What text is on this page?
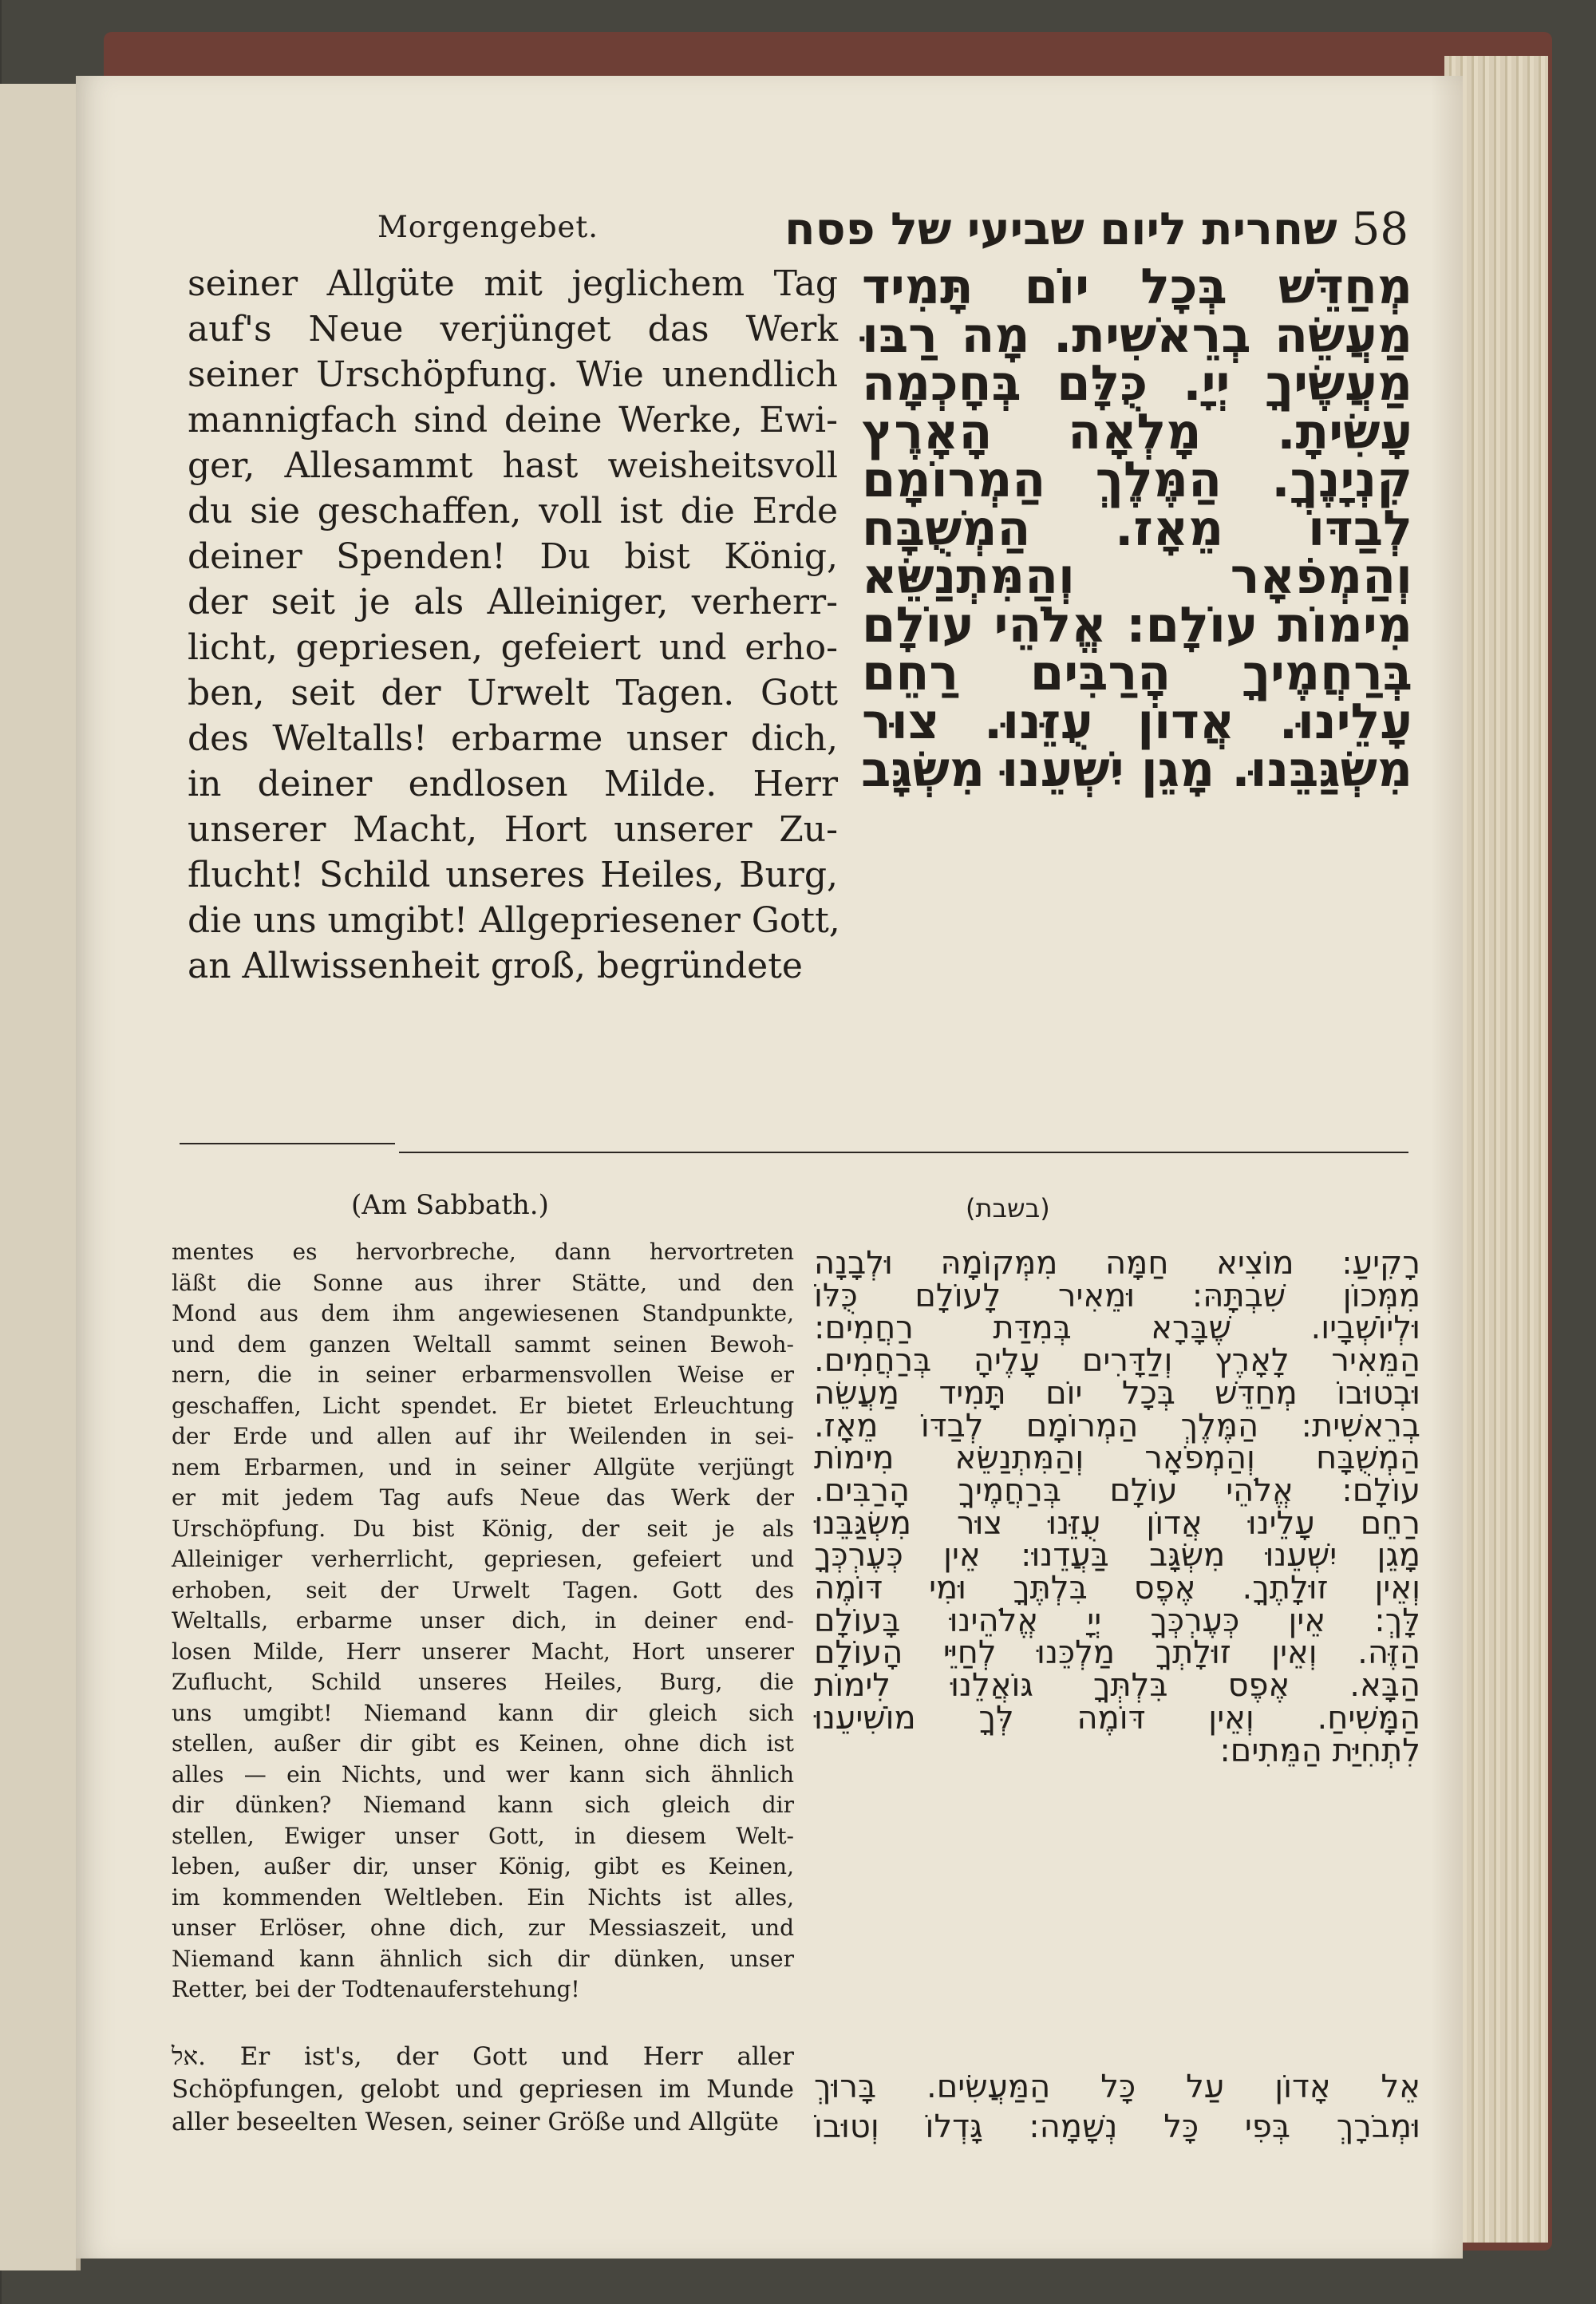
Morgengebet.	58שחרית ליום שביעי של פסח
seiner Allgüte mit jeglichem Tag
auf's Neue verjünget das Werk
seiner Urschöpfung. Wie unendlich
mannigfach sind deine Werke, Ewi-
ger, Allesammt hast weisheitsvoll
du sie geschaffen, voll ist die Erde
deiner Spenden! Du bist König,
der seit je als Alleiniger, verherr-
licht, gepriesen, gefeiert und erho-
ben, seit der Urwelt Tagen. Gott
des Weltalls! erbarme unser dich,
in deiner endlosen Milde. Herr
unserer Macht, Hort unserer Zu-
flucht! Schild unseres Heiles, Burg,
die uns umgibt! Allgepriesener Gott,
an Allwissenheit groß, begründete
מְחַדֵּשׁ בְּכָל יוֹם תָּמִיד
מַעֲשֵׂה בְרֵאשִׁית. מָה רַבּוּ
מַעֲשֶׂיךָ יְיָ. כֻּלָּם בְּחָכְמָה
עָשִׂיתָ. מָלְאָה הָאָרֶץ
קִנְיָנֶךָ. הַמֶּלֶךְ הַמְרוֹמָם
לְבַדּוֹ מֵאָז. הַמְשֻׁבָּח
וְהַמְפֹאָר וְהַמִּתְנַשֵּׂא
מִימוֹת עוֹלָם: אֱלֹהֵי עוֹלָם
בְּרַחֲמֶיךָ הָרַבִּים רַחֵם
עָלֵינוּ. אֲדוֹן עֻזֵּנוּ. צוּר
מִשְׂגַּבֵּנוּ. מָגֵן יִשְׁעֵנוּ מִשְׂגָּב
(Am Sabbath.)	(בשבת)
mentes es hervorbreche, dann hervortreten
läßt die Sonne aus ihrer Stätte, und den
Mond aus dem ihm angewiesenen Standpunkte,
und dem ganzen Weltall sammt seinen Bewoh-
nern, die in seiner erbarmensvollen Weise er
geschaffen, Licht spendet. Er bietet Erleuchtung
der Erde und allen auf ihr Weilenden in sei-
nem Erbarmen, und in seiner Allgüte verjüngt
er mit jedem Tag aufs Neue das Werk der
Urschöpfung. Du bist König, der seit je als
Alleiniger verherrlicht, gepriesen, gefeiert und
erhoben, seit der Urwelt Tagen. Gott des
Weltalls, erbarme unser dich, in deiner end-
losen Milde, Herr unserer Macht, Hort unserer
Zuflucht, Schild unseres Heiles, Burg, die
uns umgibt! Niemand kann dir gleich sich
stellen, außer dir gibt es Keinen, ohne dich ist
alles — ein Nichts, und wer kann sich ähnlich
dir dünken? Niemand kann sich gleich dir
stellen, Ewiger unser Gott, in diesem Welt-
leben, außer dir, unser König, gibt es Keinen,
im kommenden Weltleben. Ein Nichts ist alles,
unser Erlöser, ohne dich, zur Messiaszeit, und
Niemand kann ähnlich sich dir dünken, unser
Retter, bei der Todtenauferstehung!
אל. Er ist's, der Gott und Herr aller
Schöpfungen, gelobt und gepriesen im Munde
aller beseelten Wesen, seiner Größe und Allgüte
רָקִיעַ: מוֹצִיא חַמָּה מִמְּקוֹמָהּ וּלְבָנָה
מִמְּכוֹן שִׁבְתָּהּ: וּמֵאִיר לָעוֹלָם כֻּלּוֹ
וּלְיוֹשְׁבָיו. שֶׁבָּרָא בְּמִדַּת רַחֲמִים:
הַמֵּאִיר לָאָרֶץ וְלַדָּרִים עָלֶיהָ בְּרַחֲמִים.
וּבְטוּבוֹ מְחַדֵּשׁ בְּכָל יוֹם תָּמִיד מַעֲשֵׂה
בְרֵאשִׁית: הַמֶּלֶךְ הַמְרוֹמָם לְבַדּוֹ מֵאָז.
הַמְשֻׁבָּח וְהַמְפֹאָר וְהַמִּתְנַשֵּׂא מִימוֹת
עוֹלָם: אֱלֹהֵי עוֹלָם בְּרַחֲמֶיךָ הָרַבִּים.
רַחֵם עָלֵינוּ אֲדוֹן עֻזֵּנוּ צוּר מִשְׂגַּבֵּנוּ
מָגֵן יִשְׁעֵנוּ מִשְׂגָּב בַּעֲדֵנוּ: אֵין כְּעֶרְכְּךָ
וְאֵין זוּלָתֶךָ. אֶפֶס בִּלְתֶּךָ וּמִי דּוֹמֶה
לָּךְ: אֵין כְּעֶרְכְּךָ יְיָ אֱלֹהֵינוּ בָּעוֹלָם
הַזֶּה. וְאֵין זוּלָתְךָ מַלְכֵּנוּ לְחַיֵּי הָעוֹלָם
הַבָּא. אֶפֶס בִּלְתְּךָ גּוֹאֲלֵנוּ לִימוֹת
הַמָּשִׁיחַ. וְאֵין דּוֹמֶה לְּךָ מוֹשִׁיעֵנוּ
לִתְחִיַּת הַמֵּתִים:
אֵל אָדוֹן עַל כָּל הַמַּעֲשִׂים. בָּרוּךְ
וּמְבֹרָךְ בְּפִי כָּל נְשָׁמָה: גָּדְלוֹ וְטוּבוֹ
